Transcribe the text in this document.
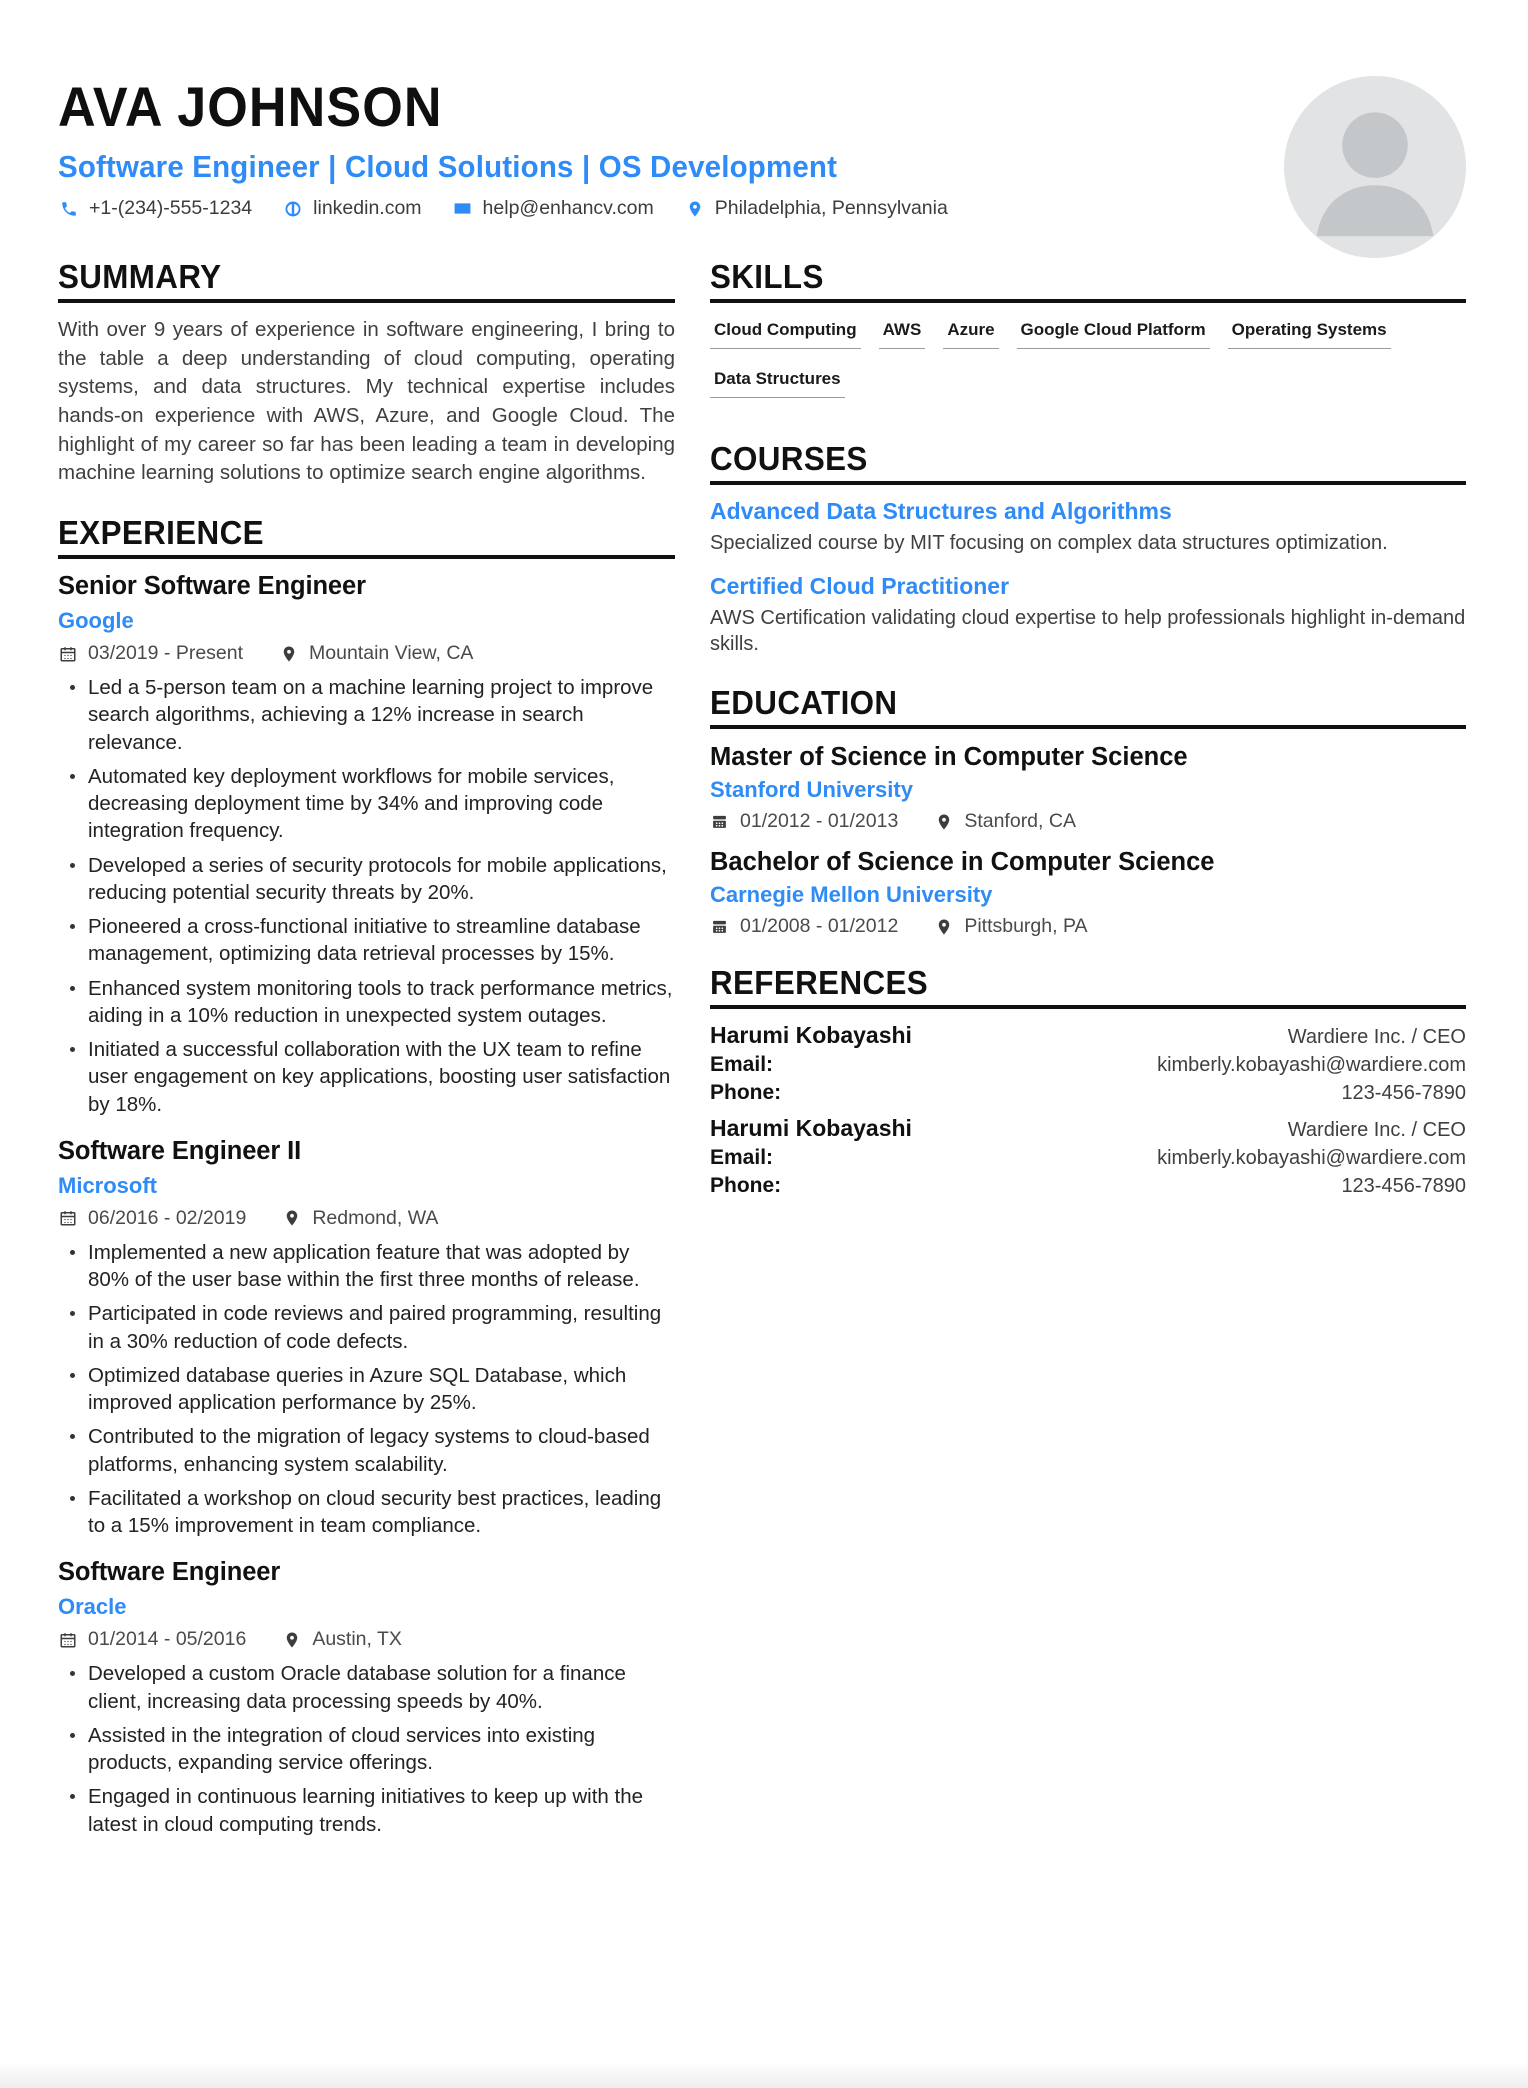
AVA JOHNSON
Software Engineer | Cloud Solutions | OS Development
+1-(234)-555-1234	linkedin.com	help@enhancv.com	Philadelphia, Pennsylvania
SUMMARY

With over 9 years of experience in software engineering, I bring to the table a deep understanding of cloud computing, operating systems, and data structures. My technical expertise includes hands-on experience with AWS, Azure, and Google Cloud. The highlight of my career so far has been leading a team in developing machine learning solutions to optimize search engine algorithms.

EXPERIENCE
Senior Software Engineer
Google
03/2019 - Present	Mountain View, CA
Led a 5-person team on a machine learning project to improve search algorithms, achieving a 12% increase in search relevance.
Automated key deployment workflows for mobile services, decreasing deployment time by 34% and improving code integration frequency.
Developed a series of security protocols for mobile applications, reducing potential security threats by 20%.
Pioneered a cross-functional initiative to streamline database management, optimizing data retrieval processes by 15%.
Enhanced system monitoring tools to track performance metrics, aiding in a 10% reduction in unexpected system outages.
Initiated a successful collaboration with the UX team to refine user engagement on key applications, boosting user satisfaction by 18%.
Software Engineer II
Microsoft
06/2016 - 02/2019	Redmond, WA
Implemented a new application feature that was adopted by 80% of the user base within the first three months of release.
Participated in code reviews and paired programming, resulting in a 30% reduction of code defects.
Optimized database queries in Azure SQL Database, which improved application performance by 25%.
Contributed to the migration of legacy systems to cloud-based platforms, enhancing system scalability.
Facilitated a workshop on cloud security best practices, leading to a 15% improvement in team compliance.
Software Engineer
Oracle
01/2014 - 05/2016	Austin, TX
Developed a custom Oracle database solution for a finance client, increasing data processing speeds by 40%.
Assisted in the integration of cloud services into existing products, expanding service offerings.
Engaged in continuous learning initiatives to keep up with the latest in cloud computing trends.
SKILLS
Cloud Computing AWS Azure Google Cloud Platform Operating Systems
Data Structures
COURSES
Advanced Data Structures and Algorithms

Specialized course by MIT focusing on complex data structures optimization.

Certified Cloud Practitioner

AWS Certification validating cloud expertise to help professionals highlight in-demand skills.

EDUCATION
Master of Science in Computer Science
Stanford University
01/2012 - 01/2013	Stanford, CA
Bachelor of Science in Computer Science
Carnegie Mellon University
01/2008 - 01/2012	Pittsburgh, PA
REFERENCES
Harumi Kobayashi	Wardiere Inc. / CEO
Email:	kimberly.kobayashi@wardiere.com
Phone:	123-456-7890
Harumi Kobayashi	Wardiere Inc. / CEO
Email:	kimberly.kobayashi@wardiere.com
Phone:	123-456-7890
